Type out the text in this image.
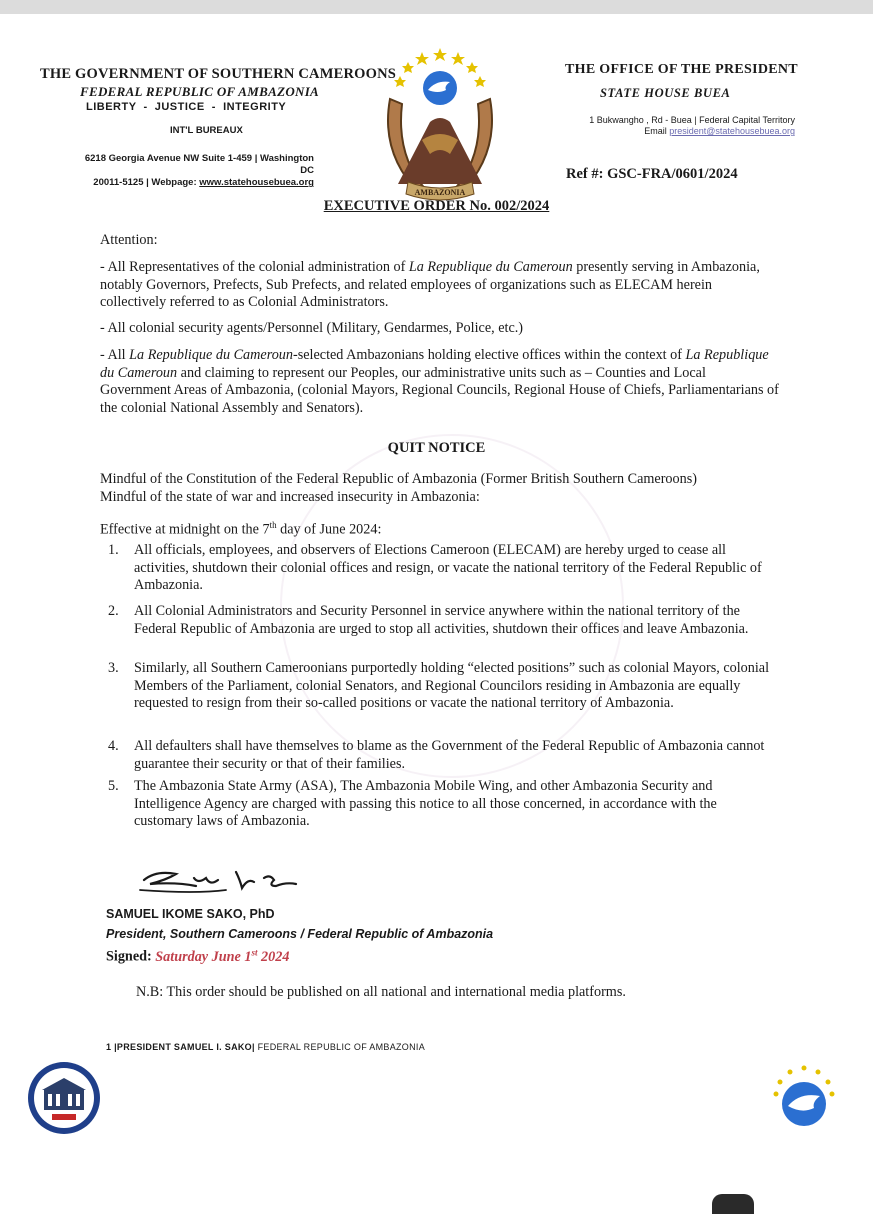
THE GOVERNMENT OF SOUTHERN CAMEROONS
FEDERAL REPUBLIC OF AMBAZONIA
LIBERTY  -  JUSTICE  -  INTEGRITY
INT'L BUREAUX
6218 Georgia Avenue NW Suite 1-459 | Washington DC
20011-5125 | Webpage: www.statehousebuea.org
AMBAZONIA
THE OFFICE OF THE PRESIDENT
STATE HOUSE BUEA
1 Bukwangho , Rd - Buea | Federal Capital Territory
Email president@statehousebuea.org
Ref #: GSC-FRA/0601/2024
EXECUTIVE ORDER No. 002/2024
Attention:
- All Representatives of the colonial administration of La Republique du Cameroun presently serving in Ambazonia, notably Governors, Prefects, Sub Prefects, and related employees of organizations such as ELECAM herein collectively referred to as Colonial Administrators.
- All colonial security agents/Personnel (Military, Gendarmes, Police, etc.)
- All La Republique du Cameroun-selected Ambazonians holding elective offices within the context of La Republique du Cameroun and claiming to represent our Peoples, our administrative units such as – Counties and Local Government Areas of Ambazonia, (colonial Mayors, Regional Councils, Regional House of Chiefs, Parliamentarians of the colonial National Assembly and Senators).
QUIT NOTICE
Mindful of the Constitution of the Federal Republic of Ambazonia (Former British Southern Cameroons)
Mindful of the state of war and increased insecurity in Ambazonia:
Effective at midnight on the 7th day of June 2024:
1.	All officials, employees, and observers of Elections Cameroon (ELECAM) are hereby urged to cease all activities, shutdown their colonial offices and resign, or vacate the national territory of the Federal Republic of Ambazonia.
2.	All Colonial Administrators and Security Personnel in service anywhere within the national territory of the Federal Republic of Ambazonia are urged to stop all activities, shutdown their offices and leave Ambazonia.
3.	Similarly, all Southern Cameroonians purportedly holding “elected positions” such as colonial Mayors, colonial Members of the Parliament, colonial Senators, and Regional Councilors residing in Ambazonia are equally requested to resign from their so-called positions or vacate the national territory of Ambazonia.
4.	All defaulters shall have themselves to blame as the Government of the Federal Republic of Ambazonia cannot guarantee their security or that of their families.
5.	The Ambazonia State Army (ASA), The Ambazonia Mobile Wing, and other Ambazonia Security and Intelligence Agency are charged with passing this notice to all those concerned, in accordance with the customary laws of Ambazonia.
SAMUEL IKOME SAKO, PhD
President, Southern Cameroons / Federal Republic of Ambazonia
Signed: Saturday June 1st 2024
N.B: This order should be published on all national and international media platforms.
1 |PRESIDENT SAMUEL I. SAKO| FEDERAL REPUBLIC OF AMBAZONIA
